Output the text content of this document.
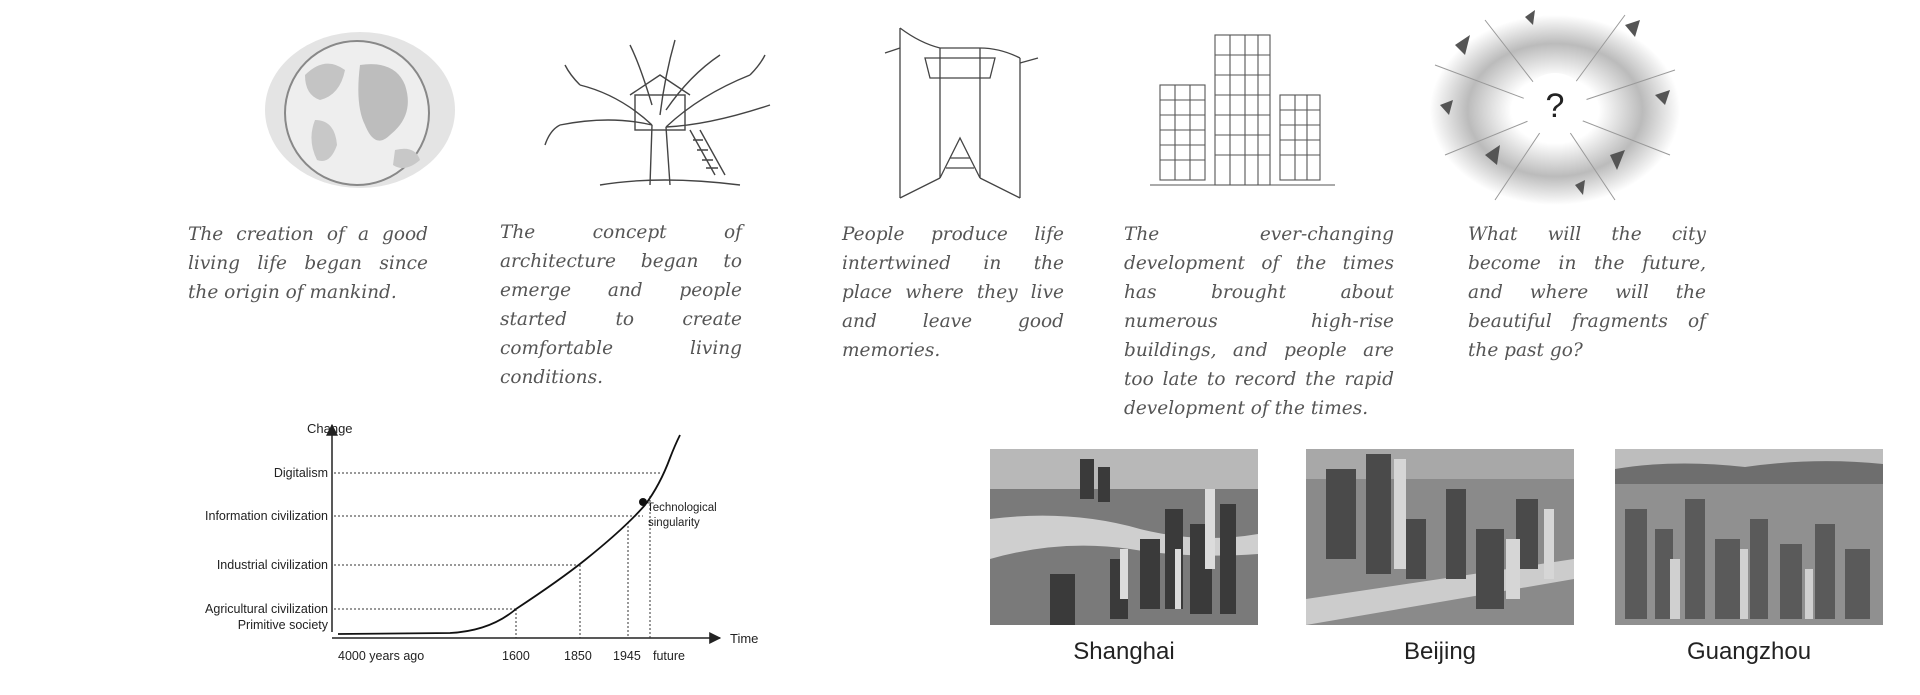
?
The creation of a good living life began since the origin of mankind.
The concept of architecture began to emerge and people started to create comfortable living conditions.
People produce life intertwined in the place where they live and leave good memories.
The ever-changing development of the times has brought about numerous high-rise buildings, and people are too late to record the rapid development of the times.
What will the city become in the future, and where will the beautiful fragments of the past go?
Change
Time
Digitalism
Information civilization
Industrial civilization
Agricultural civilization
Primitive society
Technological
singularity
4000 years ago	1600	1850 1945 future	Shanghai	Beijing	Guangzhou
